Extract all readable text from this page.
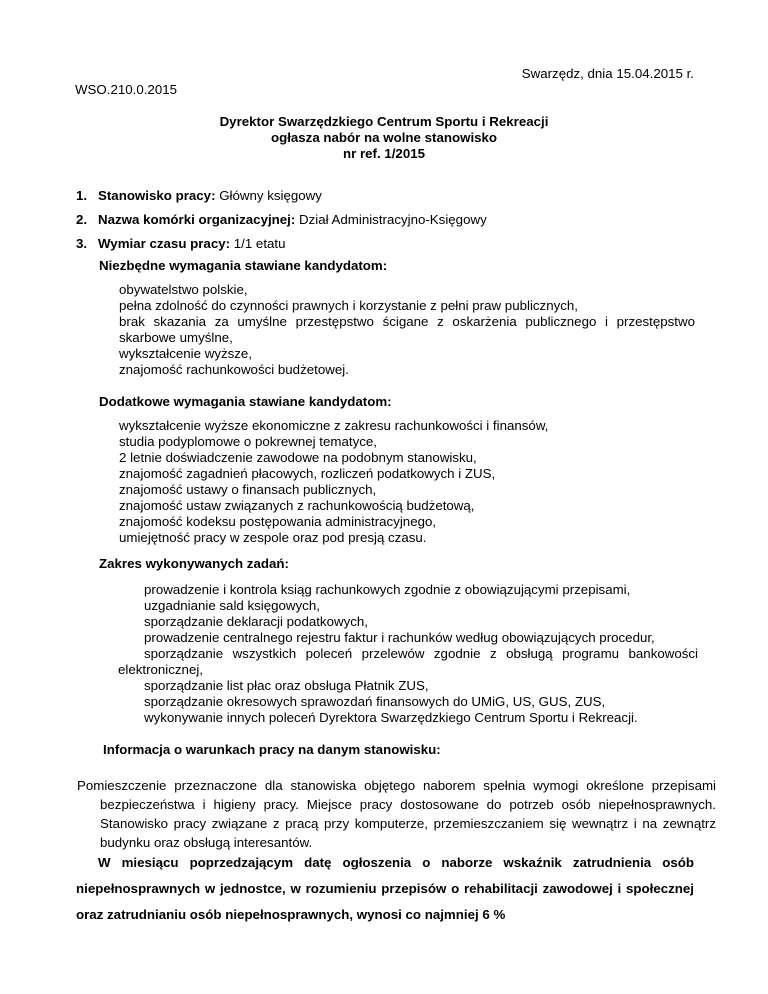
Swarzędz, dnia 15.04.2015 r.
WSO.210.0.2015
Dyrektor Swarzędzkiego Centrum Sportu i Rekreacji
ogłasza nabór na wolne stanowisko
nr ref. 1/2015
1. Stanowisko pracy: Główny księgowy
2. Nazwa komórki organizacyjnej: Dział Administracyjno-Księgowy
3. Wymiar czasu pracy: 1/1 etatu
Niezbędne wymagania stawiane kandydatom:
obywatelstwo polskie,
pełna zdolność do czynności prawnych i korzystanie z pełni praw publicznych,
brak skazania za umyślne przestępstwo ścigane z oskarżenia publicznego i przestępstwo skarbowe umyślne,
wykształcenie wyższe,
znajomość rachunkowości budżetowej.
Dodatkowe wymagania stawiane kandydatom:
wykształcenie wyższe ekonomiczne z zakresu rachunkowości i finansów,
studia podyplomowe o pokrewnej tematyce,
2 letnie doświadczenie zawodowe na podobnym stanowisku,
znajomość zagadnień płacowych, rozliczeń podatkowych i ZUS,
znajomość ustawy o finansach publicznych,
znajomość ustaw związanych z rachunkowością budżetową,
znajomość kodeksu postępowania administracyjnego,
umiejętność pracy w zespole oraz pod presją czasu.
Zakres wykonywanych zadań:
prowadzenie i kontrola ksiąg rachunkowych zgodnie z obowiązującymi przepisami,
uzgadnianie sald księgowych,
sporządzanie deklaracji podatkowych,
prowadzenie centralnego rejestru faktur i rachunków według obowiązujących procedur,
sporządzanie wszystkich poleceń przelewów zgodnie z obsługą programu bankowości
elektronicznej,
sporządzanie list płac oraz obsługa Płatnik ZUS,
sporządzanie okresowych sprawozdań finansowych do UMiG, US, GUS, ZUS,
wykonywanie innych poleceń Dyrektora Swarzędzkiego Centrum Sportu i Rekreacji.
Informacja o warunkach pracy na danym stanowisku:
Pomieszczenie przeznaczone dla stanowiska objętego naborem spełnia wymogi określone przepisami bezpieczeństwa i higieny pracy. Miejsce pracy dostosowane do potrzeb osób niepełnosprawnych. Stanowisko pracy związane z pracą przy komputerze, przemieszczaniem się wewnątrz i na zewnątrz budynku oraz obsługą interesantów.
W miesiącu poprzedzającym datę ogłoszenia o naborze wskaźnik zatrudnienia osób niepełnosprawnych w jednostce, w rozumieniu przepisów o rehabilitacji zawodowej i społecznej oraz zatrudnianiu osób niepełnosprawnych, wynosi co najmniej 6 %
